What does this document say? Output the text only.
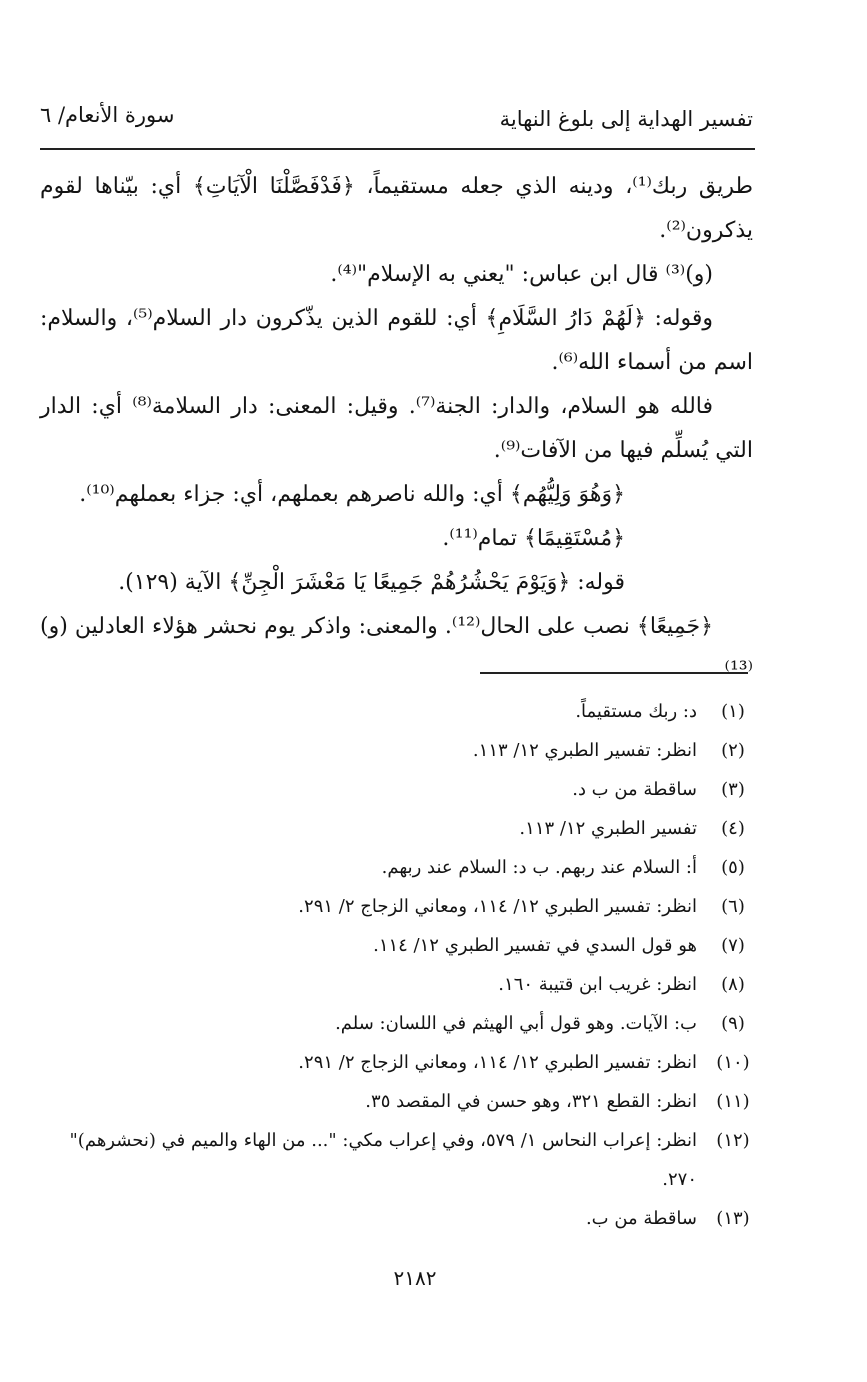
تفسير الهداية إلى بلوغ النهاية
سورة الأنعام/ ٦

طريق ربك⁽¹⁾، ودينه الذي جعله مستقيماً، ﴿فَدْفَصَّلْنَا الْآيَاتِ﴾ أي: بيّناها لقوم يذكرون⁽²⁾.

(و)⁽³⁾ قال ابن عباس: "يعني به الإسلام"⁽⁴⁾.

وقوله: ﴿لَهُمْ دَارُ السَّلَامِ﴾ أي: للقوم الذين يذّكرون دار السلام⁽⁵⁾، والسلام: اسم من أسماء الله⁽⁶⁾.

فالله هو السلام، والدار: الجنة⁽⁷⁾. وقيل: المعنى: دار السلامة⁽⁸⁾ أي: الدار التي يُسلِّم فيها من الآفات⁽⁹⁾.

﴿وَهُوَ وَلِيُّهُم﴾ أي: والله ناصرهم بعملهم، أي: جزاء بعملهم⁽¹⁰⁾.

﴿مُسْتَقِيمًا﴾ تمام⁽¹¹⁾.

قوله: ﴿وَيَوْمَ يَحْشُرُهُمْ جَمِيعًا يَا مَعْشَرَ الْجِنِّ﴾ الآية (١٢٩).

﴿جَمِيعًا﴾ نصب على الحال⁽¹²⁾. والمعنى: واذكر يوم نحشر هؤلاء العادلين (و)⁽¹³⁾

(١)
د: ربك مستقيماً.
(٢)
انظر: تفسير الطبري ١٢/ ١١٣.
(٣)
ساقطة من ب د.
(٤)
تفسير الطبري ١٢/ ١١٣.
(٥)
أ: السلام عند ربهم. ب د: السلام عند ربهم.
(٦)
انظر: تفسير الطبري ١٢/ ١١٤، ومعاني الزجاج ٢/ ٢٩١.
(٧)
هو قول السدي في تفسير الطبري ١٢/ ١١٤.
(٨)
انظر: غريب ابن قتيبة ١٦٠.
(٩)
ب: الآيات. وهو قول أبي الهيثم في اللسان: سلم.
(١٠)
انظر: تفسير الطبري ١٢/ ١١٤، ومعاني الزجاج ٢/ ٢٩١.
(١١)
انظر: القطع ٣٢١، وهو حسن في المقصد ٣٥.
(١٢)
انظر: إعراب النحاس ١/ ٥٧٩، وفي إعراب مكي: "... من الهاء والميم في (نحشرهم)" ٢٧٠.
(١٣)
ساقطة من ب.
٢١٨٢
